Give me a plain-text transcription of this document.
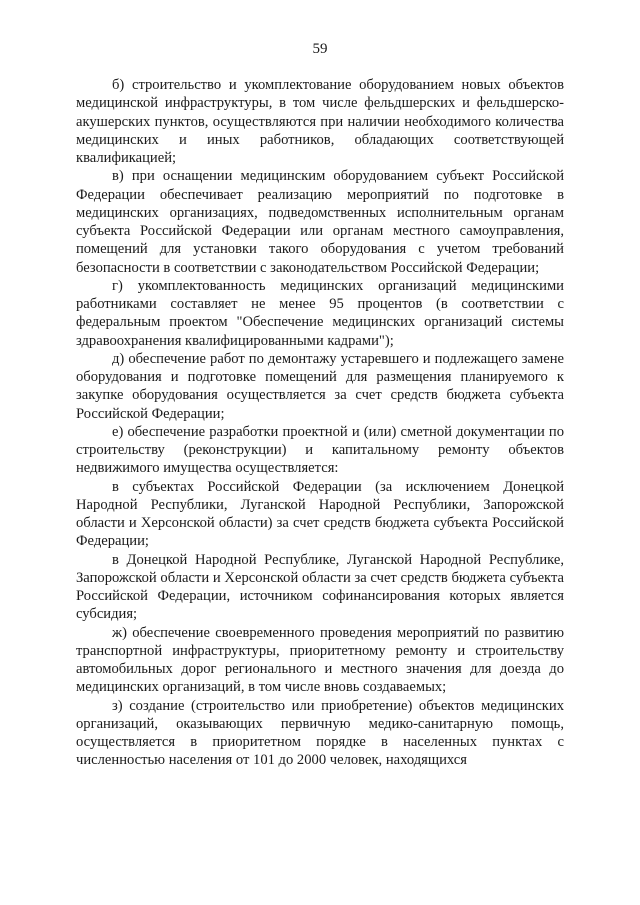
59

б) строительство и укомплектование оборудованием новых объектов медицинской инфраструктуры, в том числе фельдшерских и фельдшерско-акушерских пунктов, осуществляются при наличии необходимого количества медицинских и иных работников, обладающих соответствующей квалификацией;

в) при оснащении медицинским оборудованием субъект Российской Федерации обеспечивает реализацию мероприятий по подготовке в медицинских организациях, подведомственных исполнительным органам субъекта Российской Федерации или органам местного самоуправления, помещений для установки такого оборудования с учетом требований безопасности в соответствии с законодательством Российской Федерации;

г) укомплектованность медицинских организаций медицинскими работниками составляет не менее 95 процентов (в соответствии с федеральным проектом "Обеспечение медицинских организаций системы здравоохранения квалифицированными кадрами");

д) обеспечение работ по демонтажу устаревшего и подлежащего замене оборудования и подготовке помещений для размещения планируемого к закупке оборудования осуществляется за счет средств бюджета субъекта Российской Федерации;

е) обеспечение разработки проектной и (или) сметной документации по строительству (реконструкции) и капитальному ремонту объектов недвижимого имущества осуществляется:

в субъектах Российской Федерации (за исключением Донецкой Народной Республики, Луганской Народной Республики, Запорожской области и Херсонской области) за счет средств бюджета субъекта Российской Федерации;

в Донецкой Народной Республике, Луганской Народной Республике, Запорожской области и Херсонской области за счет средств бюджета субъекта Российской Федерации, источником софинансирования которых является субсидия;

ж) обеспечение своевременного проведения мероприятий по развитию транспортной инфраструктуры, приоритетному ремонту и строительству автомобильных дорог регионального и местного значения для доезда до медицинских организаций, в том числе вновь создаваемых;

з) создание (строительство или приобретение) объектов медицинских организаций, оказывающих первичную медико-санитарную помощь, осуществляется в приоритетном порядке в населенных пунктах с численностью населения от 101 до 2000 человек, находящихся
